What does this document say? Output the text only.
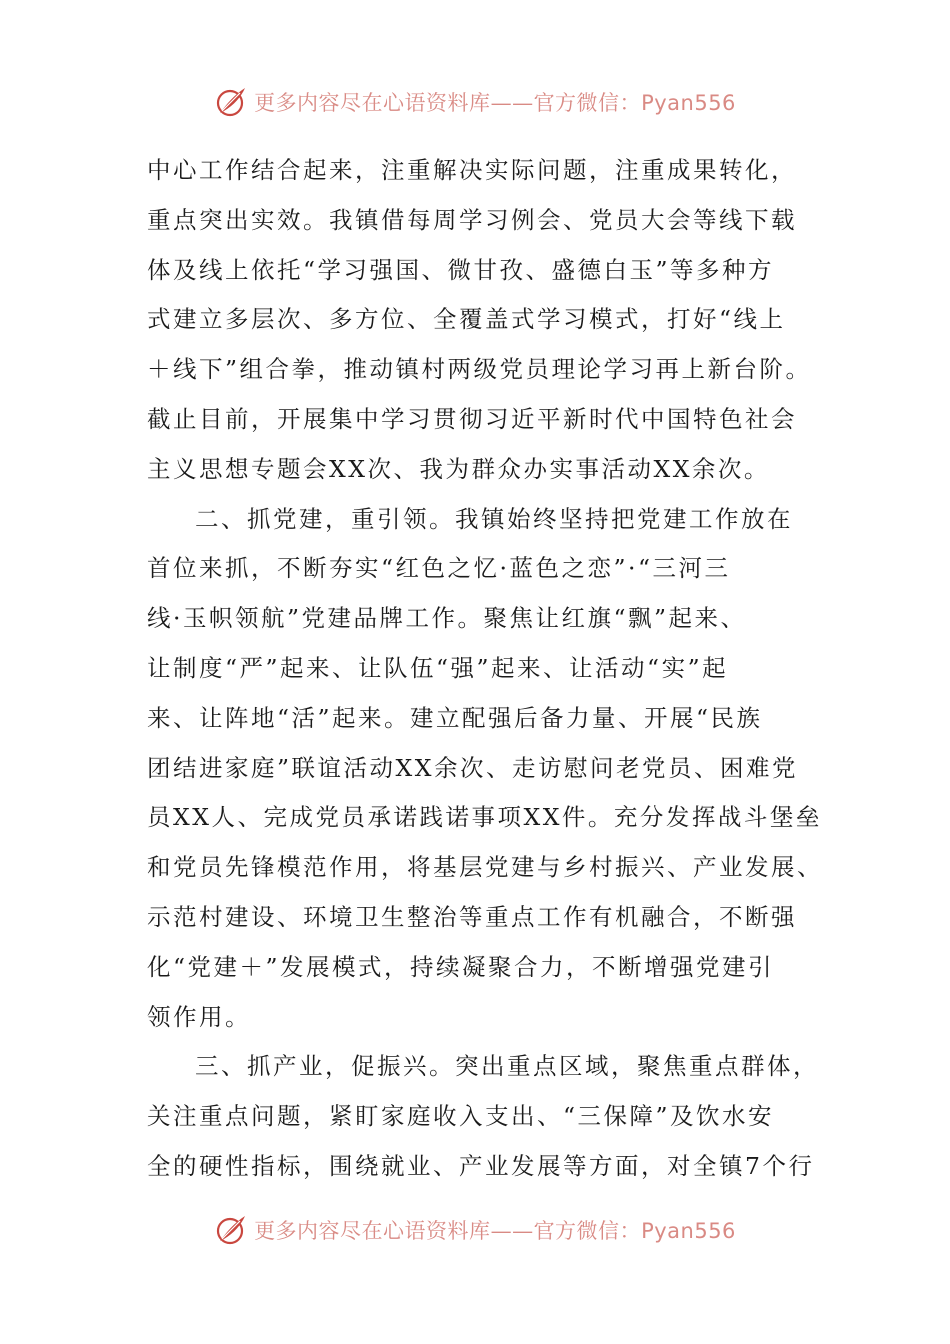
更多内容尽在心语资料库——官方微信：Pyan556
中心工作结合起来，注重解决实际问题，注重成果转化，
重点突出实效。我镇借每周学习例会、党员大会等线下载
体及线上依托“学习强国、微甘孜、盛德白玉”等多种方
式建立多层次、多方位、全覆盖式学习模式，打好“线上
＋线下”组合拳，推动镇村两级党员理论学习再上新台阶。
截止目前，开展集中学习贯彻习近平新时代中国特色社会
主义思想专题会XX次、我为群众办实事活动XX余次。
二、抓党建，重引领。我镇始终坚持把党建工作放在
首位来抓，不断夯实“红色之忆·蓝色之恋”·“三河三
线·玉帜领航”党建品牌工作。聚焦让红旗“飘”起来、
让制度“严”起来、让队伍“强”起来、让活动“实”起
来、让阵地“活”起来。建立配强后备力量、开展“民族
团结进家庭”联谊活动XX余次、走访慰问老党员、困难党
员XX人、完成党员承诺践诺事项XX件。充分发挥战斗堡垒
和党员先锋模范作用，将基层党建与乡村振兴、产业发展、
示范村建设、环境卫生整治等重点工作有机融合，不断强
化“党建＋”发展模式，持续凝聚合力，不断增强党建引
领作用。
三、抓产业，促振兴。突出重点区域，聚焦重点群体，
关注重点问题，紧盯家庭收入支出、“三保障”及饮水安
全的硬性指标，围绕就业、产业发展等方面，对全镇7个行
更多内容尽在心语资料库——官方微信：Pyan556
